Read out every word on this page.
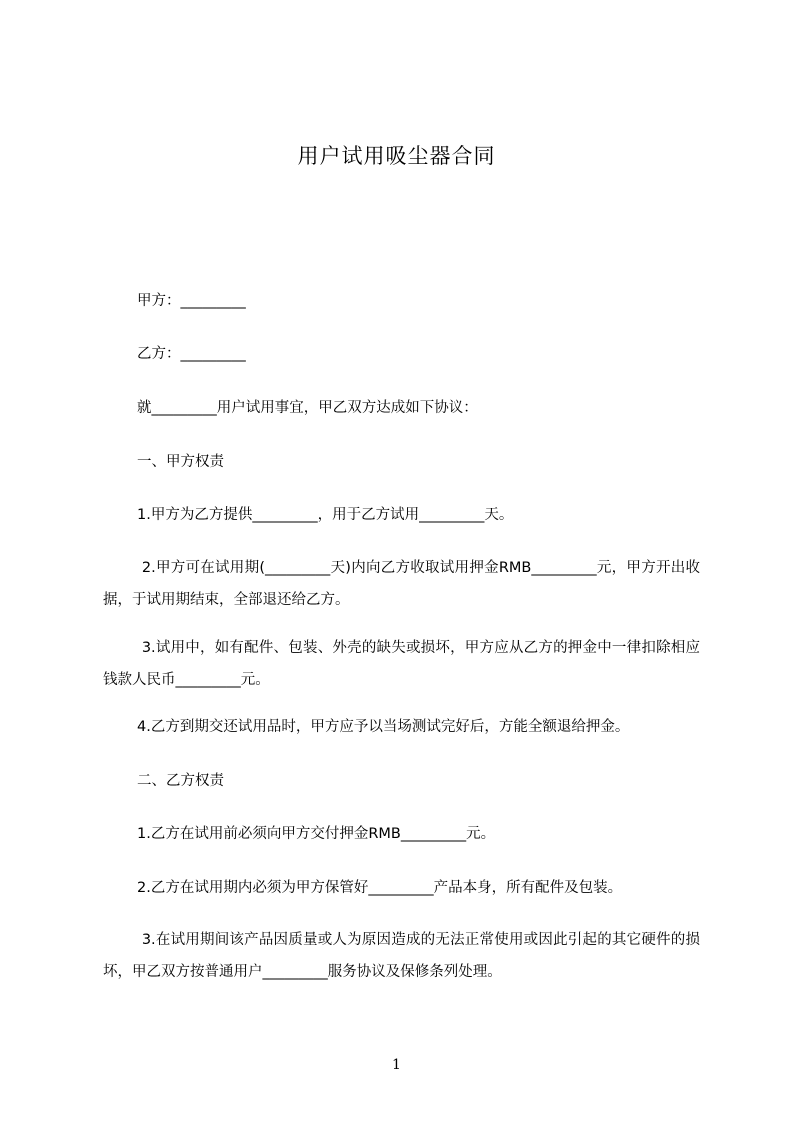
用户试用吸尘器合同

甲方：_________

乙方：_________

就_________用户试用事宜，甲乙双方达成如下协议：

一、甲方权责

1.甲方为乙方提供_________，用于乙方试用_________天。

2.甲方可在试用期(_________天)内向乙方收取试用押金RMB_________元，甲方开出收据，于试用期结束，全部退还给乙方。

3.试用中，如有配件、包装、外壳的缺失或损坏，甲方应从乙方的押金中一律扣除相应钱款人民币_________元。

4.乙方到期交还试用品时，甲方应予以当场测试完好后，方能全额退给押金。

二、乙方权责

1.乙方在试用前必须向甲方交付押金RMB_________元。

2.乙方在试用期内必须为甲方保管好_________产品本身，所有配件及包装。

3.在试用期间该产品因质量或人为原因造成的无法正常使用或因此引起的其它硬件的损坏，甲乙双方按普通用户_________服务协议及保修条列处理。

1
